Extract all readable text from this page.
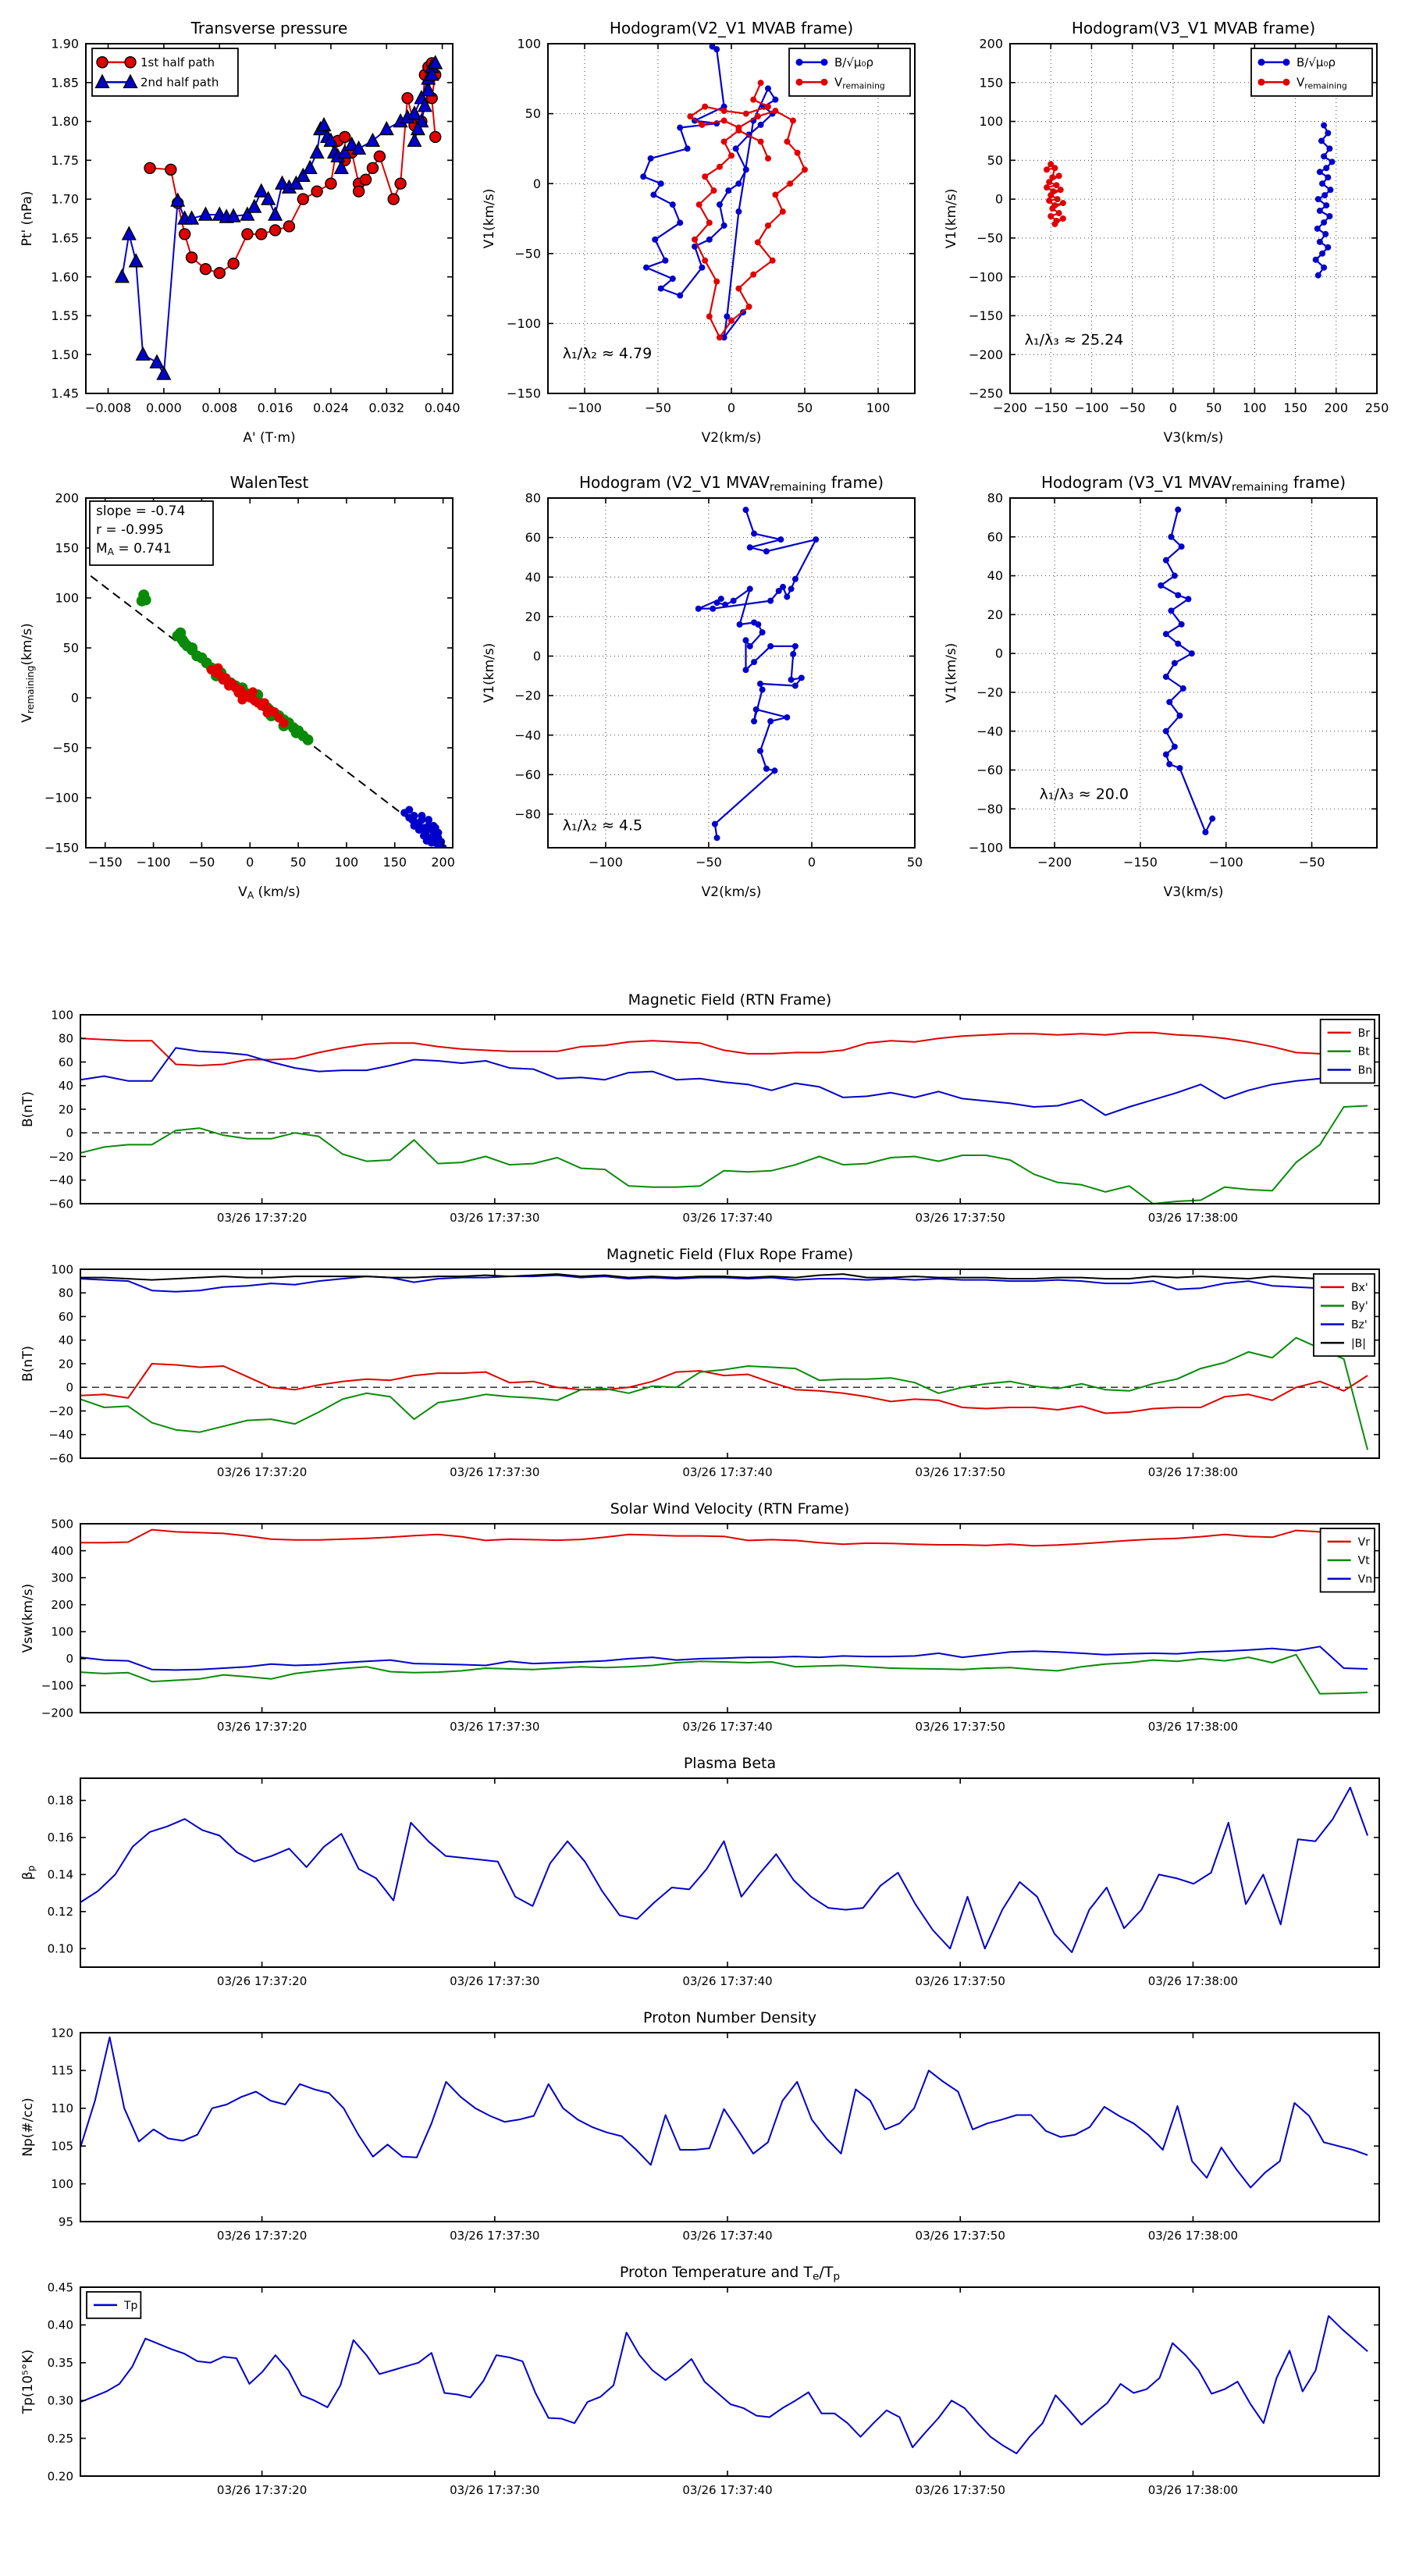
−0.008 0.000 0.008 0.016 0.024 0.032 0.040
1.45
1.50
1.55
1.60
1.65
1.70
1.75
1.80
1.85
1.90
Transverse pressure
A' (T·m)
Pt' (nPa)
1st half path
2nd half path
−100	−50	0	50	100
−150
−100
−50
0
50
100
Hodogram(V2_V1 MVAB frame)
V2(km/s)
V1(km/s)
λ₁/λ₂ ≈ 4.79
B/√μ₀ρ
Vremaining
−200 −150 −100 −50 0 50 100 150 200 250
−250
−200
−150
−100
−50
0
50
100
150
200
Hodogram(V3_V1 MVAB frame)
V3(km/s)
V1(km/s)
λ₁/λ₃ ≈ 25.24
B/√μ₀ρ
Vremaining
−150 −100 −50 0	50 100 150 200
−150
−100
−50
0
50
100
150
200
WalenTest
VA (km/s)
Vremaining(km/s)
slope = -0.74
r = -0.995
MA = 0.741
−100	−50	0	50
−80
−60
−40
−20
0
20
40
60
80
Hodogram (V2_V1 MVAVremaining frame)
V2(km/s)
V1(km/s)
λ₁/λ₂ ≈ 4.5
−200	−150	−100	−50
−100
−80
−60
−40
−20
0
20
40
60
80
Hodogram (V3_V1 MVAVremaining frame)
V3(km/s)
V1(km/s)
λ₁/λ₃ ≈ 20.0
03/26 17:37:20	03/26 17:37:30	03/26 17:37:40	03/26 17:37:50	03/26 17:38:00
−60
−40
−20
0
20
40
60
80
100
Magnetic Field (RTN Frame)
B(nT)
Br
Bt
Bn
03/26 17:37:20	03/26 17:37:30	03/26 17:37:40	03/26 17:37:50	03/26 17:38:00
−60
−40
−20
0
20
40
60
80
100
Magnetic Field (Flux Rope Frame)
B(nT)
Bx'
By'
Bz'
|B|
03/26 17:37:20	03/26 17:37:30	03/26 17:37:40	03/26 17:37:50	03/26 17:38:00
−200
−100
0
100
200
300
400
500
Solar Wind Velocity (RTN Frame)
Vsw(km/s)
Vr
Vt
Vn
03/26 17:37:20	03/26 17:37:30	03/26 17:37:40	03/26 17:37:50	03/26 17:38:00
0.10
0.12
0.14
0.16
0.18
Plasma Beta
βp
03/26 17:37:20	03/26 17:37:30	03/26 17:37:40	03/26 17:37:50	03/26 17:38:00
95
100
105
110
115
120
Proton Number Density
Np(#/cc)
03/26 17:37:20	03/26 17:37:30	03/26 17:37:40	03/26 17:37:50	03/26 17:38:00
0.20
0.25
0.30
0.35
0.40
0.45
Proton Temperature and Te/Tp
Tp(10⁵°K)
Tp
